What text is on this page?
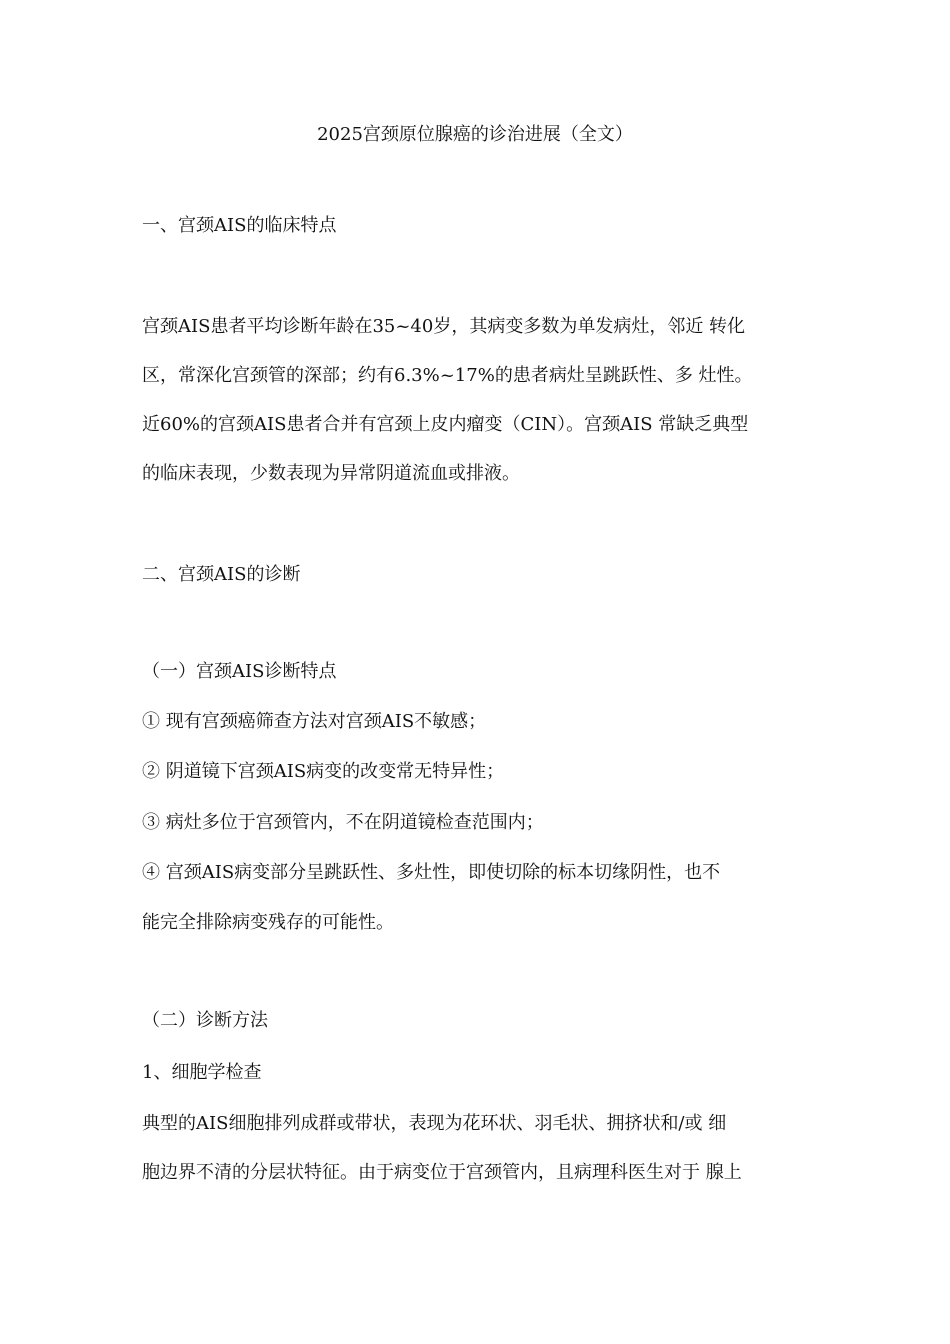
2025宫颈原位腺癌的诊治进展（全文）
一、宫颈AIS的临床特点
宫颈AIS患者平均诊断年龄在35~40岁，其病变多数为单发病灶，邻近 转化
区，常深化宫颈管的深部；约有6.3%~17%的患者病灶呈跳跃性、多 灶性。
近60%的宫颈AIS患者合并有宫颈上皮内瘤变（CIN）。宫颈AIS 常缺乏典型
的临床表现，少数表现为异常阴道流血或排液。
二、宫颈AIS的诊断
（一）宫颈AIS诊断特点
① 现有宫颈癌筛查方法对宫颈AIS不敏感；
② 阴道镜下宫颈AIS病变的改变常无特异性；
③ 病灶多位于宫颈管内，不在阴道镜检查范围内；
④ 宫颈AIS病变部分呈跳跃性、多灶性，即使切除的标本切缘阴性，也不
能完全排除病变残存的可能性。
（二）诊断方法
1、细胞学检查
典型的AIS细胞排列成群或带状，表现为花环状、羽毛状、拥挤状和/或 细
胞边界不清的分层状特征。由于病变位于宫颈管内，且病理科医生对于 腺上
